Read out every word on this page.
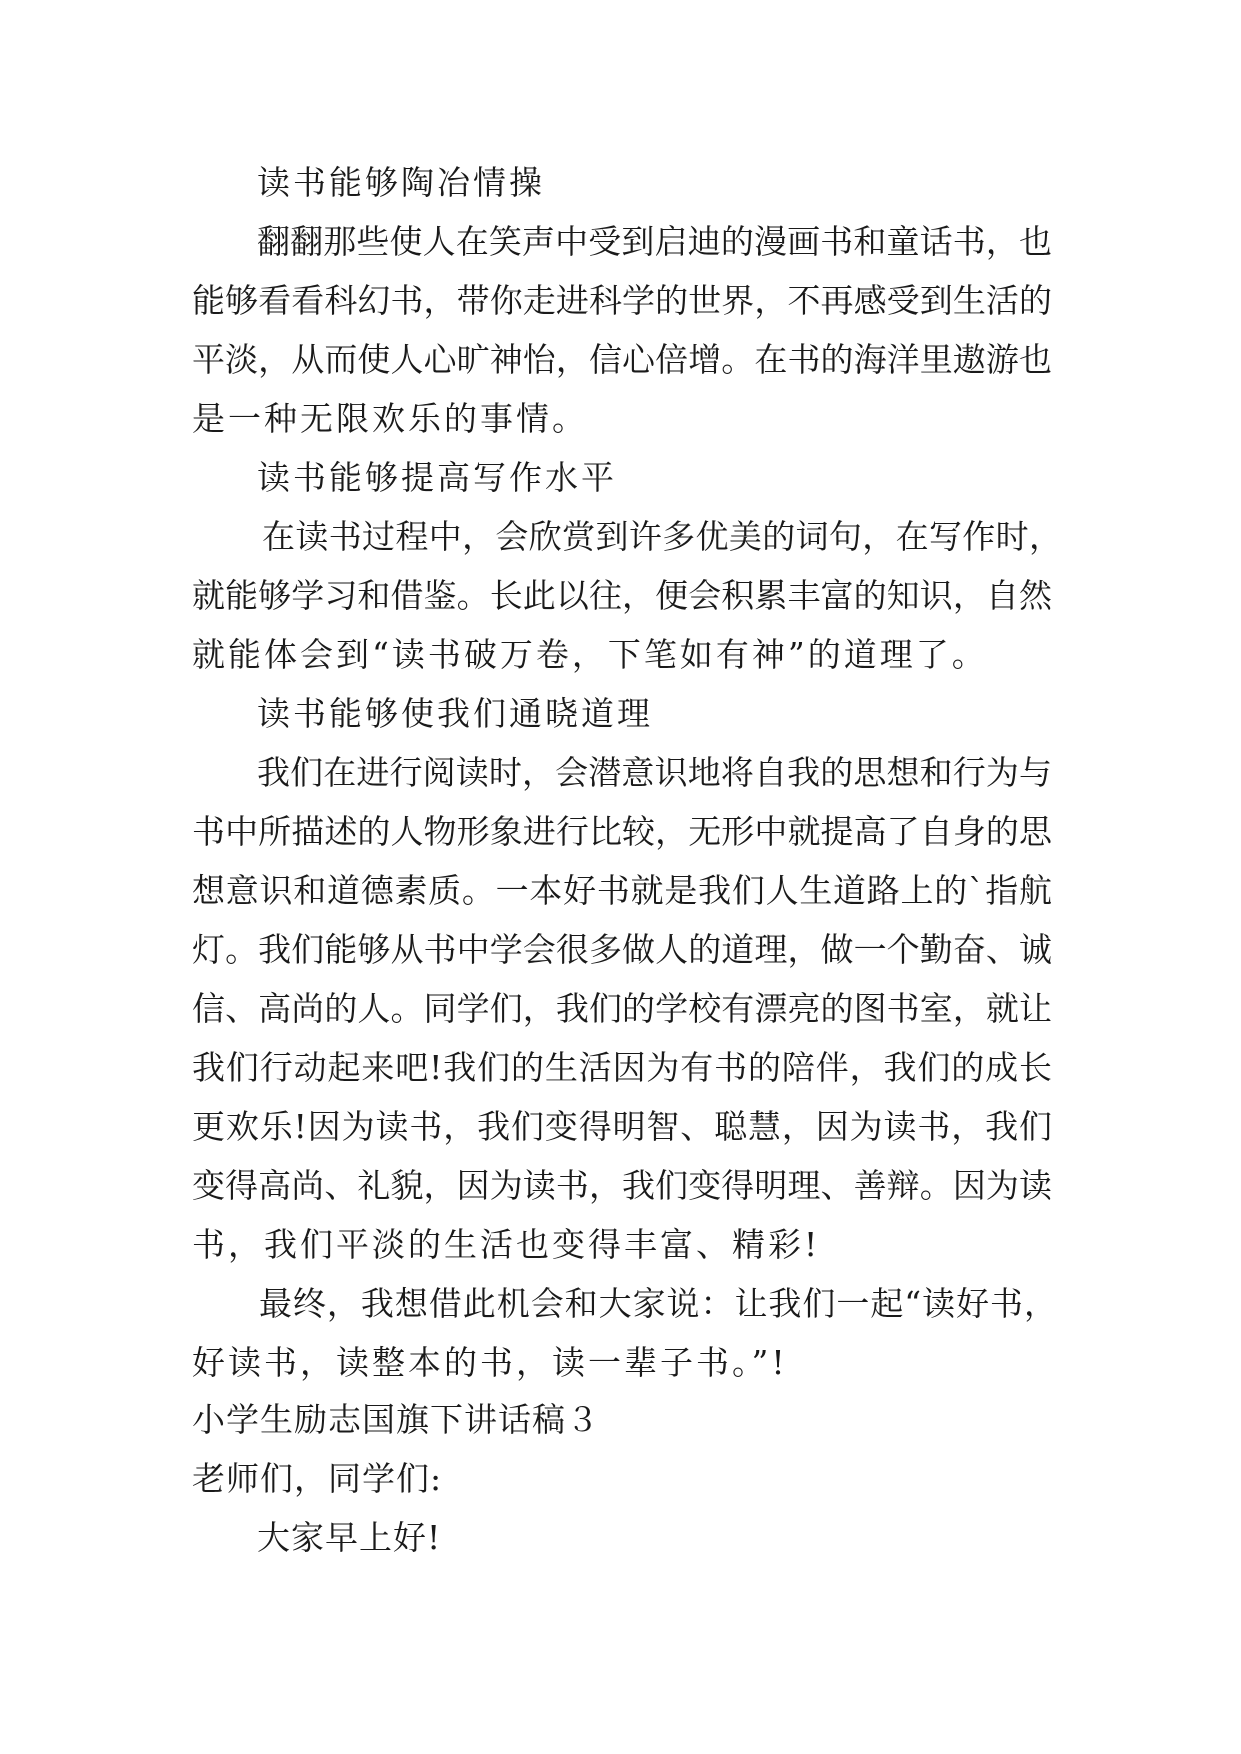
读书能够陶冶情操
翻翻那些使人在笑声中受到启迪的漫画书和童话书，也
能够看看科幻书，带你走进科学的世界，不再感受到生活的
平淡，从而使人心旷神怡，信心倍增。在书的海洋里遨游也
是一种无限欢乐的事情。
读书能够提高写作水平
在读书过程中，会欣赏到许多优美的词句，在写作时，
就能够学习和借鉴。长此以往，便会积累丰富的知识，自然
就能体会到“读书破万卷，下笔如有神”的道理了。
读书能够使我们通晓道理
我们在进行阅读时，会潜意识地将自我的思想和行为与
书中所描述的人物形象进行比较，无形中就提高了自身的思
想意识和道德素质。一本好书就是我们人生道路上的`指航
灯。我们能够从书中学会很多做人的道理，做一个勤奋、诚
信、高尚的人。同学们，我们的学校有漂亮的图书室，就让
我们行动起来吧!我们的生活因为有书的陪伴，我们的成长
更欢乐!因为读书，我们变得明智、聪慧，因为读书，我们
变得高尚、礼貌，因为读书，我们变得明理、善辩。因为读
书，我们平淡的生活也变得丰富、精彩!
最终，我想借此机会和大家说：让我们一起“读好书，
好读书，读整本的书，读一辈子书。”!
小学生励志国旗下讲话稿３
老师们，同学们:
大家早上好!
